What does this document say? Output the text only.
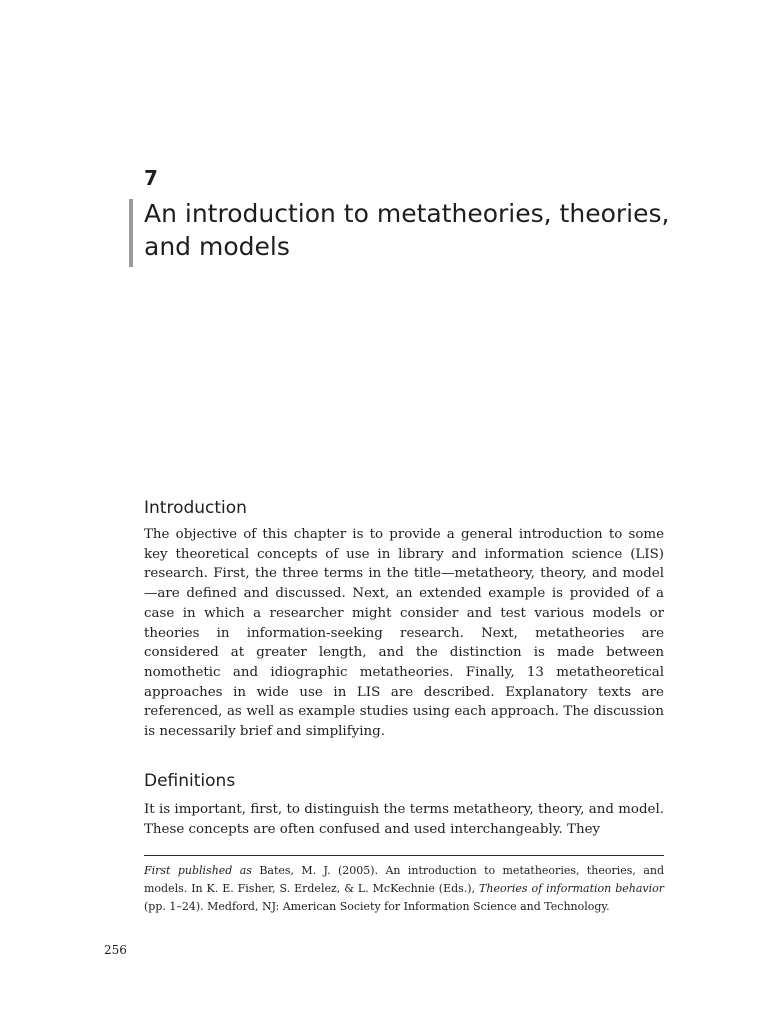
7
An introduction to metatheories, theories, and models
Introduction

The objective of this chapter is to provide a general introduction to some key theoretical concepts of use in library and information science (LIS) research. First, the three terms in the title—metatheory, theory, and model—are defined and discussed. Next, an extended example is provided of a case in which a researcher might consider and test various models or theories in information-seeking research. Next, metatheories are considered at greater length, and the distinction is made between nomothetic and idiographic metatheories. Finally, 13 metatheoretical approaches in wide use in LIS are described. Explanatory texts are referenced, as well as example studies using each approach. The discussion is necessarily brief and simplifying.

Definitions

It is important, first, to distinguish the terms metatheory, theory, and model. These concepts are often confused and used interchangeably. They

First published as Bates, M. J. (2005). An introduction to metatheories, theories, and models. In K. E. Fisher, S. Erdelez, & L. McKechnie (Eds.), Theories of information behavior (pp. 1–24). Medford, NJ: American Society for Information Science and Technology.

256
